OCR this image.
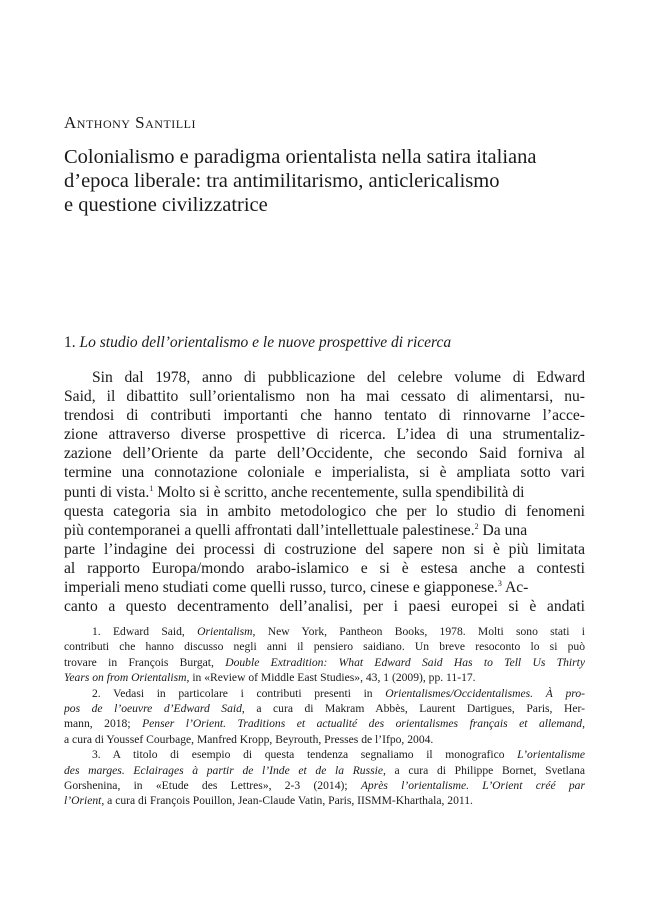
Anthony Santilli
Colonialismo e paradigma orientalista nella satira italiana
d’epoca liberale: tra antimilitarismo, anticlericalismo
e questione civilizzatrice
1. Lo studio dell’orientalismo e le nuove prospettive di ricerca
Sin dal 1978, anno di pubblicazione del celebre volume di Edward
Said, il dibattito sull’orientalismo non ha mai cessato di alimentarsi, nu-
trendosi di contributi importanti che hanno tentato di rinnovarne l’acce-
zione attraverso diverse prospettive di ricerca. L’idea di una strumentaliz-
zazione dell’Oriente da parte dell’Occidente, che secondo Said forniva al
termine una connotazione coloniale e imperialista, si è ampliata sotto vari
punti di vista.$^1$ Molto si è scritto, anche recentemente, sulla spendibilità di
questa categoria sia in ambito metodologico che per lo studio di fenomeni
più contemporanei a quelli affrontati dall’intellettuale palestinese.$^2$ Da una
parte l’indagine dei processi di costruzione del sapere non si è più limitata
al rapporto Europa/mondo arabo-islamico e si è estesa anche a contesti
imperiali meno studiati come quelli russo, turco, cinese e giapponese.$^3$ Ac-
canto a questo decentramento dell’analisi, per i paesi europei si è andati
1. Edward Said, Orientalism, New York, Pantheon Books, 1978. Molti sono stati i
contributi che hanno discusso negli anni il pensiero saidiano. Un breve resoconto lo si può
trovare in François Burgat, Double Extradition: What Edward Said Has to Tell Us Thirty
Years on from Orientalism, in «Review of Middle East Studies», 43, 1 (2009), pp. 11-17.
2. Vedasi in particolare i contributi presenti in Orientalismes/Occidentalismes. À pro-
pos de l’oeuvre d’Edward Said, a cura di Makram Abbès, Laurent Dartigues, Paris, Her-
mann, 2018; Penser l’Orient. Traditions et actualité des orientalismes français et allemand,
a cura di Youssef Courbage, Manfred Kropp, Beyrouth, Presses de l’Ifpo, 2004.
3. A titolo di esempio di questa tendenza segnaliamo il monografico L’orientalisme
des marges. Eclairages à partir de l’Inde et de la Russie, a cura di Philippe Bornet, Svetlana
Gorshenina, in «Etude des Lettres», 2-3 (2014); Après l’orientalisme. L’Orient créé par
l’Orient, a cura di François Pouillon, Jean-Claude Vatin, Paris, IISMM-Kharthala, 2011.
